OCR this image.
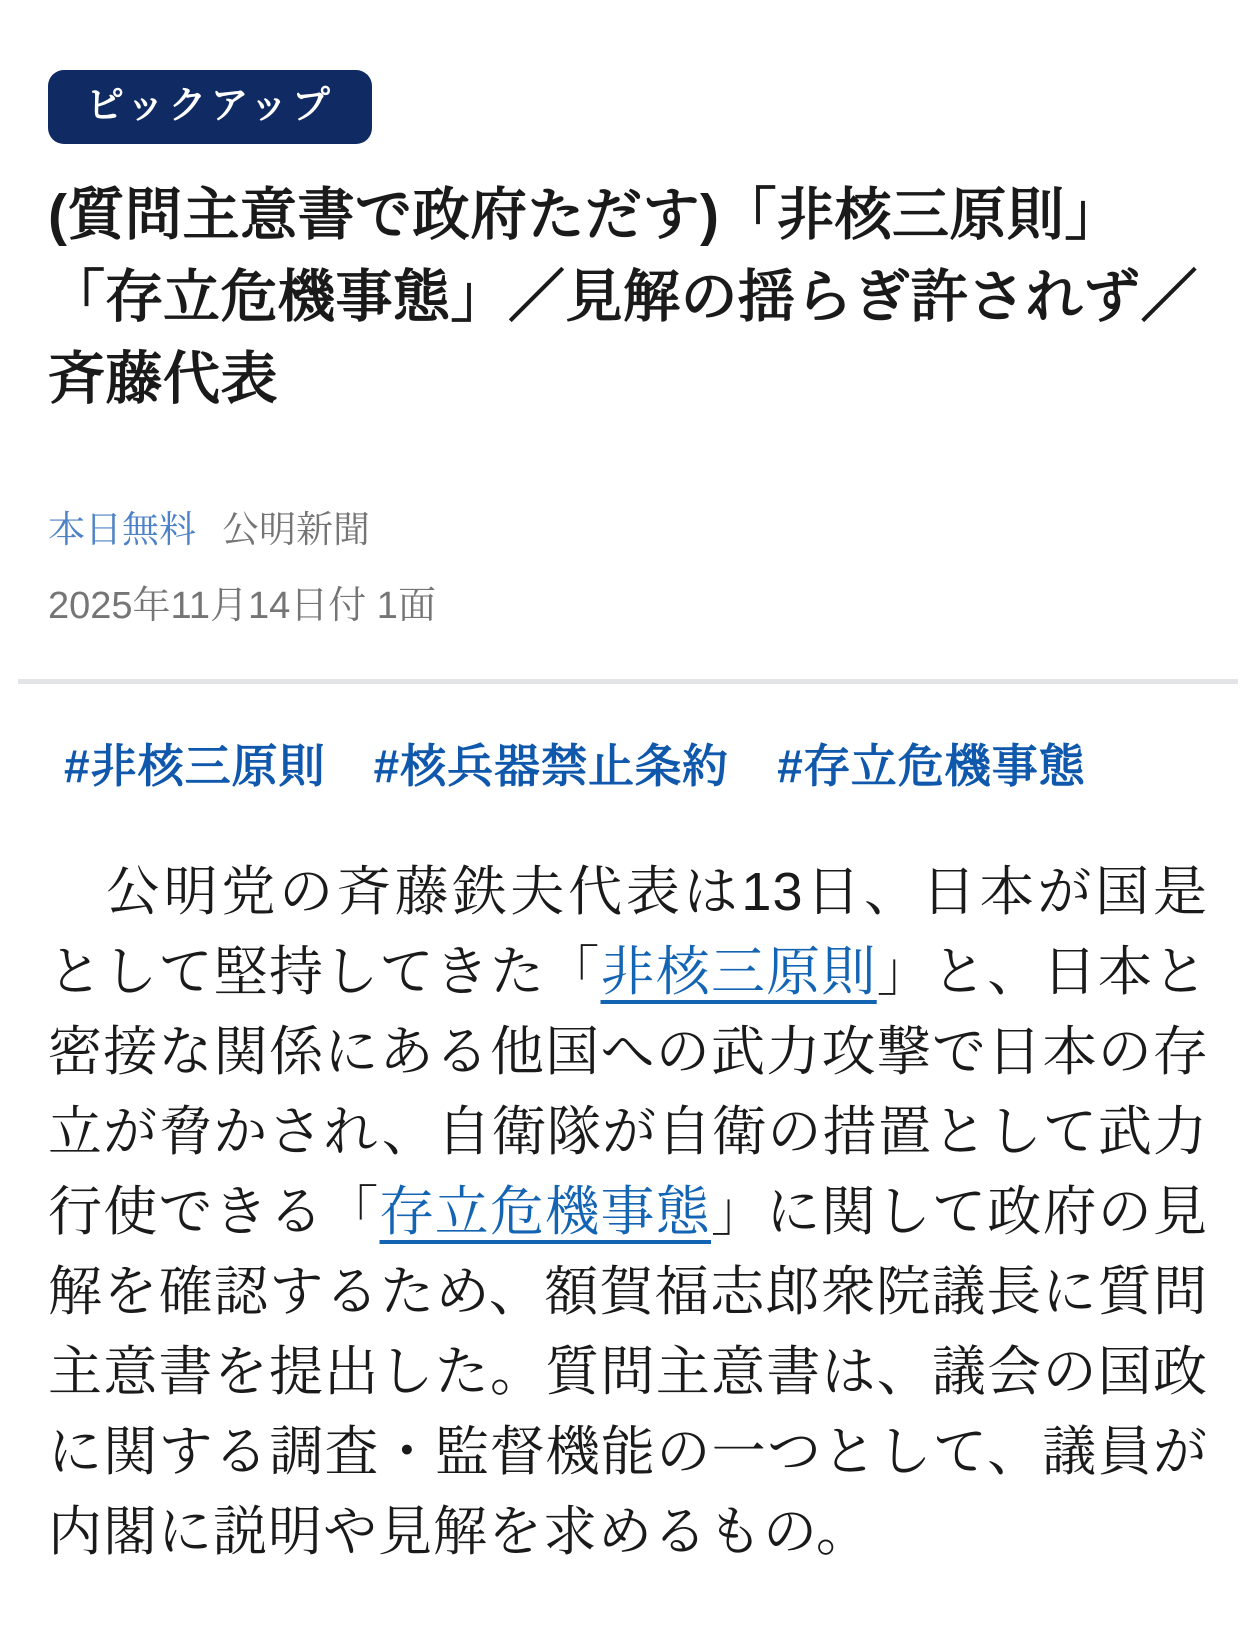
ピックアップ
(質問主意書で政府ただす)「非核三原則」「存立危機事態」／見解の揺らぎ許されず／斉藤代表
本日無料 公明新聞
2025年11月14日付 1面
#非核三原則 #核兵器禁止条約 #存立危機事態

　公明党の斉藤鉄夫代表は13日、日本が国是として堅持してきた「非核三原則」と、日本と密接な関係にある他国への武力攻撃で日本の存立が脅かされ、自衛隊が自衛の措置として武力行使できる「存立危機事態」に関して政府の見解を確認するため、額賀福志郎衆院議長に質問主意書を提出した。質問主意書は、議会の国政に関する調査・監督機能の一つとして、議員が内閣に説明や見解を求めるもの。
